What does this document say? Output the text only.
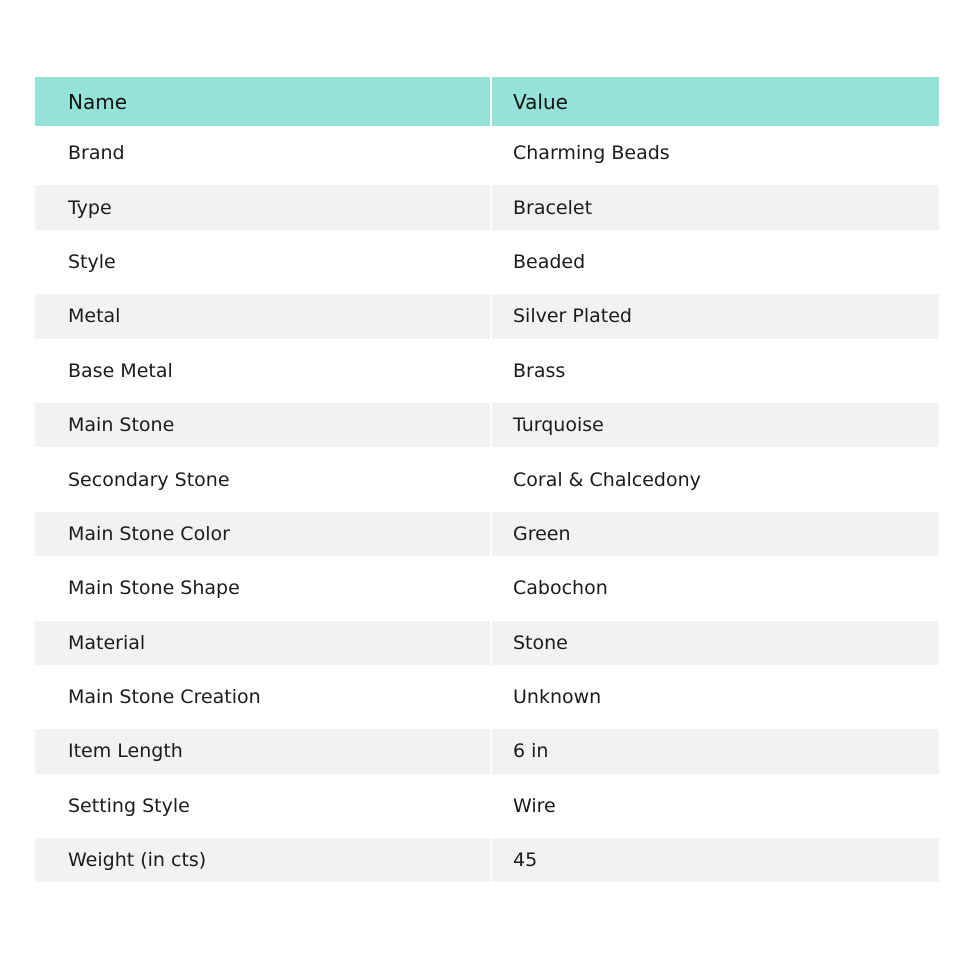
Name	Value
Brand	Charming Beads
Type	Bracelet
Style	Beaded
Metal	Silver Plated
Base Metal	Brass
Main Stone	Turquoise
Secondary Stone	Coral & Chalcedony
Main Stone Color	Green
Main Stone Shape	Cabochon
Material	Stone
Main Stone Creation	Unknown
Item Length	6 in
Setting Style	Wire
Weight (in cts)	45
